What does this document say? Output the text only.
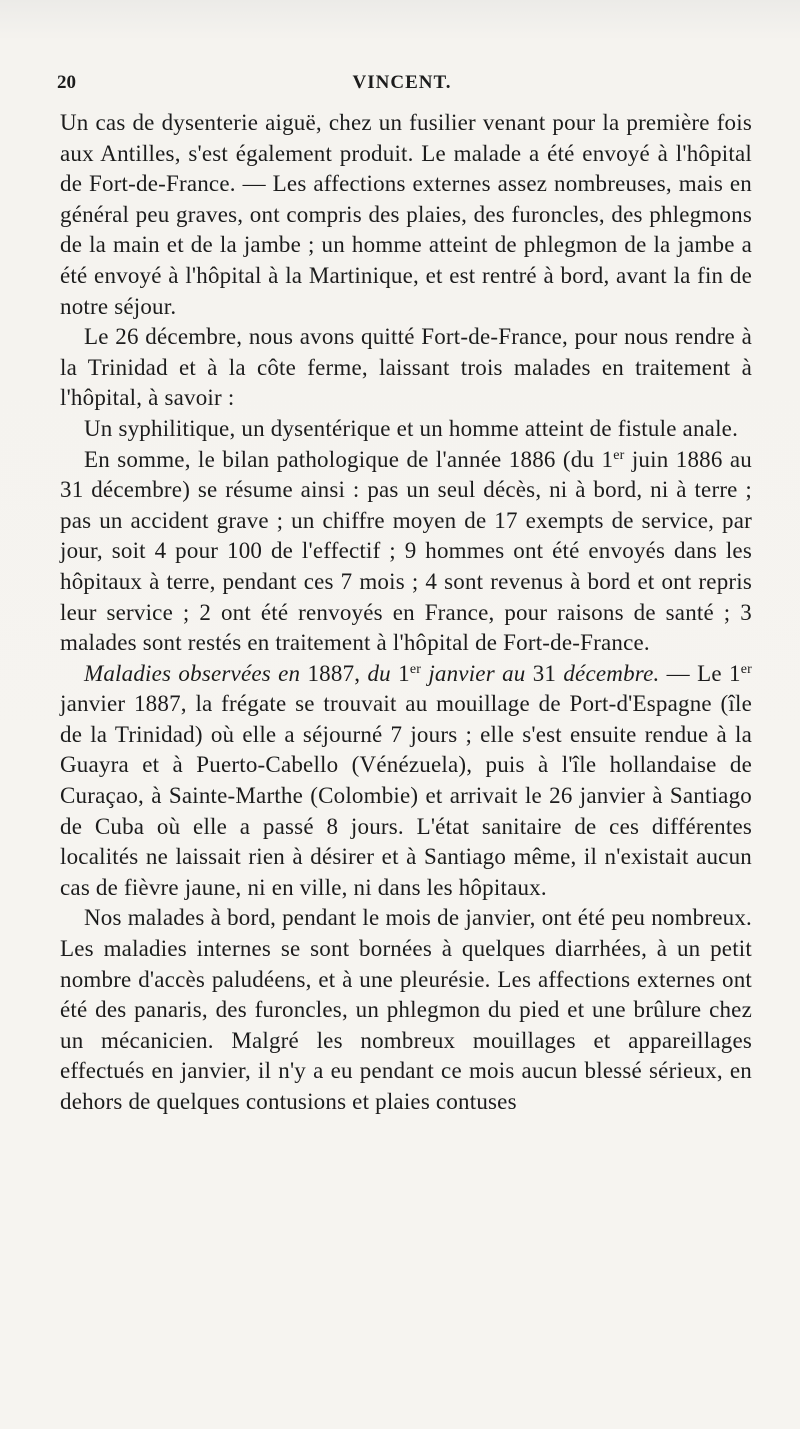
20	VINCENT.

Un cas de dysenterie aiguë, chez un fusilier venant pour la première fois aux Antilles, s'est également produit. Le malade a été envoyé à l'hôpital de Fort-de-France. — Les affections externes assez nombreuses, mais en général peu graves, ont compris des plaies, des furoncles, des phlegmons de la main et de la jambe ; un homme atteint de phlegmon de la jambe a été envoyé à l'hôpital à la Martinique, et est rentré à bord, avant la fin de notre séjour.

Le 26 décembre, nous avons quitté Fort-de-France, pour nous rendre à la Trinidad et à la côte ferme, laissant trois malades en traitement à l'hôpital, à savoir :

Un syphilitique, un dysentérique et un homme atteint de fistule anale.

En somme, le bilan pathologique de l'année 1886 (du 1er juin 1886 au 31 décembre) se résume ainsi : pas un seul décès, ni à bord, ni à terre ; pas un accident grave ; un chiffre moyen de 17 exempts de service, par jour, soit 4 pour 100 de l'effectif ; 9 hommes ont été envoyés dans les hôpitaux à terre, pendant ces 7 mois ; 4 sont revenus à bord et ont repris leur service ; 2 ont été renvoyés en France, pour raisons de santé ; 3 malades sont restés en traitement à l'hôpital de Fort-de-France.

Maladies observées en 1887, du 1er janvier au 31 décembre. — Le 1er janvier 1887, la frégate se trouvait au mouillage de Port-d'Espagne (île de la Trinidad) où elle a séjourné 7 jours ; elle s'est ensuite rendue à la Guayra et à Puerto-Cabello (Vénézuela), puis à l'île hollandaise de Curaçao, à Sainte-Marthe (Colombie) et arrivait le 26 janvier à Santiago de Cuba où elle a passé 8 jours. L'état sanitaire de ces différentes localités ne laissait rien à désirer et à Santiago même, il n'existait aucun cas de fièvre jaune, ni en ville, ni dans les hôpitaux.

Nos malades à bord, pendant le mois de janvier, ont été peu nombreux. Les maladies internes se sont bornées à quelques diarrhées, à un petit nombre d'accès paludéens, et à une pleurésie. Les affections externes ont été des panaris, des furoncles, un phlegmon du pied et une brûlure chez un mécanicien. Malgré les nombreux mouillages et appareillages effectués en janvier, il n'y a eu pendant ce mois aucun blessé sérieux, en dehors de quelques contusions et plaies contuses
